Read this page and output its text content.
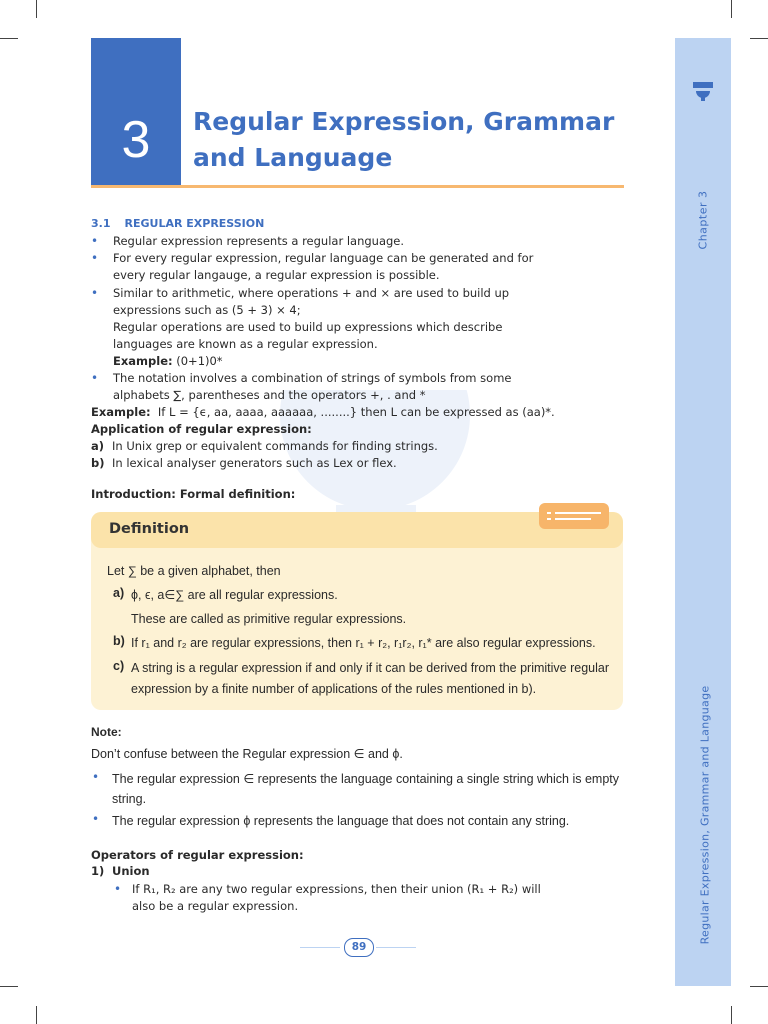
Chapter 3
Regular Expression, Grammar and Language
3 Regular Expression, Grammar
and Language
3.1 REGULAR EXPRESSION
• Regular expression represents a regular language.
• For every regular expression, regular language can be generated and for
every regular langauge, a regular expression is possible.
• Similar to arithmetic, where operations + and × are used to build up
expressions such as (5 + 3) × 4;
Regular operations are used to build up expressions which describe
languages are known as a regular expression.
Example: (0+1)0*
• The notation involves a combination of strings of symbols from some
alphabets ∑, parentheses and the operators +, . and *
Example: If L = {ϵ, aa, aaaa, aaaaaa, ........} then L can be expressed as (aa)*.
Application of regular expression:
a) In Unix grep or equivalent commands for finding strings.
b) In lexical analyser generators such as Lex or flex.
Introduction: Formal definition:
Definition
Let ∑ be a given alphabet, then
a) ϕ, ϵ, a∈∑ are all regular expressions.
These are called as primitive regular expressions.
b) If r₁ and r₂ are regular expressions, then r₁ + r₂, r₁r₂, r₁* are also regular expressions.
c) A string is a regular expression if and only if it can be derived from the primitive regular
expression by a finite number of applications of the rules mentioned in b).
Note:
Don’t confuse between the Regular expression ∈ and ϕ.
• The regular expression ∈ represents the language containing a single string which is empty
string.
• The regular expression ϕ represents the language that does not contain any string.
Operators of regular expression:
1) Union
• If R₁, R₂ are any two regular expressions, then their union (R₁ + R₂) will
also be a regular expression.
89
